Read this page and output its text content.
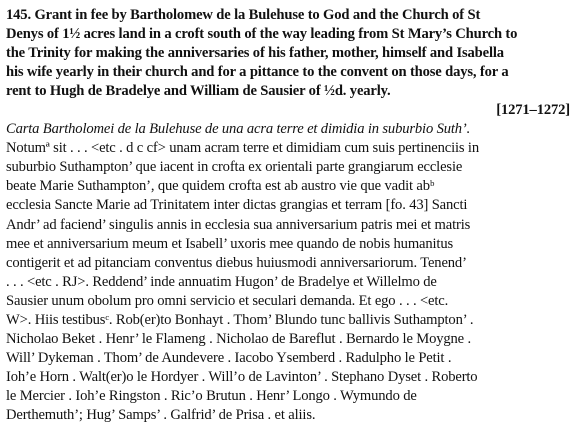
145. Grant in fee by Bartholomew de la Bulehuse to God and the Church of St
Denys of 1½ acres land in a croft south of the way leading from St Mary’s Church to
the Trinity for making the anniversaries of his father, mother, himself and Isabella
his wife yearly in their church and for a pittance to the convent on those days, for a
rent to Hugh de Bradelye and William de Sausier of ½d. yearly.
[1271–1272]
Carta Bartholomei de la Bulehuse de una acra terre et dimidia in suburbio Suth’.
Notumª sit . . . <etc . d c cf> unam acram terre et dimidiam cum suis pertinenciis in
suburbio Suthampton’ que iacent in crofta ex orientali parte grangiarum ecclesie
beate Marie Suthampton’, que quidem crofta est ab austro vie que vadit abᵇ
ecclesia Sancte Marie ad Trinitatem inter dictas grangias et terram [fo. 43] Sancti
Andr’ ad faciend’ singulis annis in ecclesia sua anniversarium patris mei et matris
mee et anniversarium meum et Isabell’ uxoris mee quando de nobis humanitus
contigerit et ad pitanciam conventus diebus huiusmodi anniversariorum. Tenend’
. . . <etc . RJ>. Reddend’ inde annuatim Hugon’ de Bradelye et Willelmo de
Sausier unum obolum pro omni servicio et seculari demanda. Et ego . . . <etc.
W>. Hiis testibusᶜ. Rob(er)to Bonhayt . Thom’ Blundo tunc ballivis Suthampton’ .
Nicholao Beket . Henr’ le Flameng . Nicholao de Bareflut . Bernardo le Moygne .
Will’ Dykeman . Thom’ de Aundevere . Iacobo Ysemberd . Radulpho le Petit .
Ioh’e Horn . Walt(er)o le Hordyer . Will’o de Lavinton’ . Stephano Dyset . Roberto
le Mercier . Ioh’e Ringston . Ric’o Brutun . Henr’ Longo . Wymundo de
Derthemuth’; Hug’ Samps’ . Galfrid’ de Prisa . et aliis.
